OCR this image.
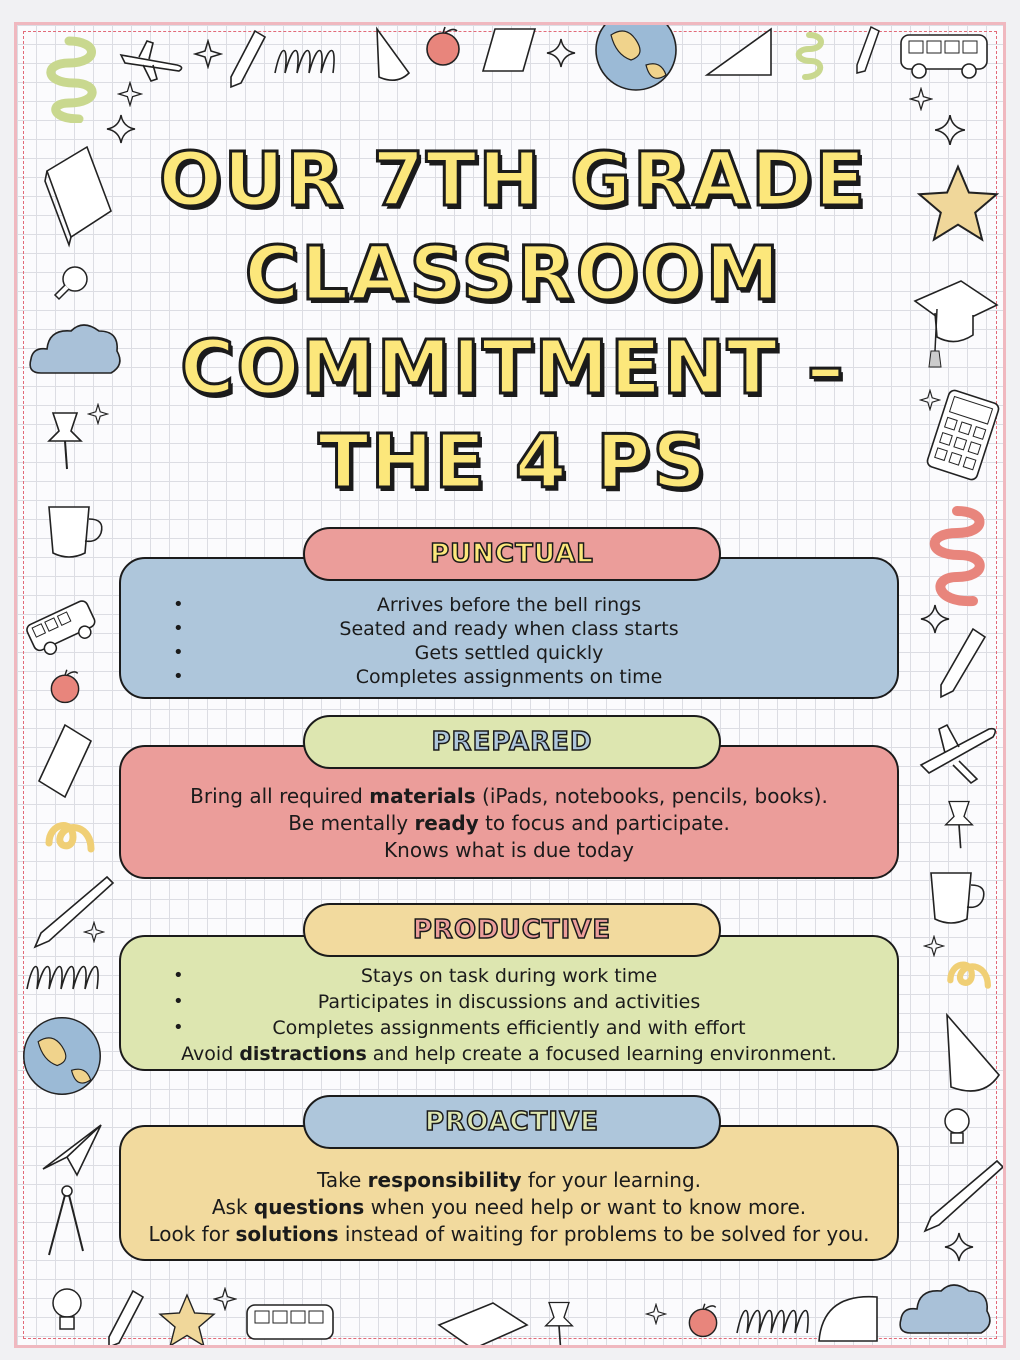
OUR 7TH GRADE CLASSROOM COMMITMENT – THE 4 PS
PUNCTUAL
• Arrives before the bell rings
• Seated and ready when class starts
• Gets settled quickly
• Completes assignments on time
PREPARED

Bring all required materials (iPads, notebooks, pencils, books).

Be mentally ready to focus and participate.

Knows what is due today

PRODUCTIVE
• Stays on task during work time
• Participates in discussions and activities
• Completes assignments efficiently and with effort

Avoid distractions and help create a focused learning environment.

PROACTIVE

Take responsibility for your learning.

Ask questions when you need help or want to know more.

Look for solutions instead of waiting for problems to be solved for you.
